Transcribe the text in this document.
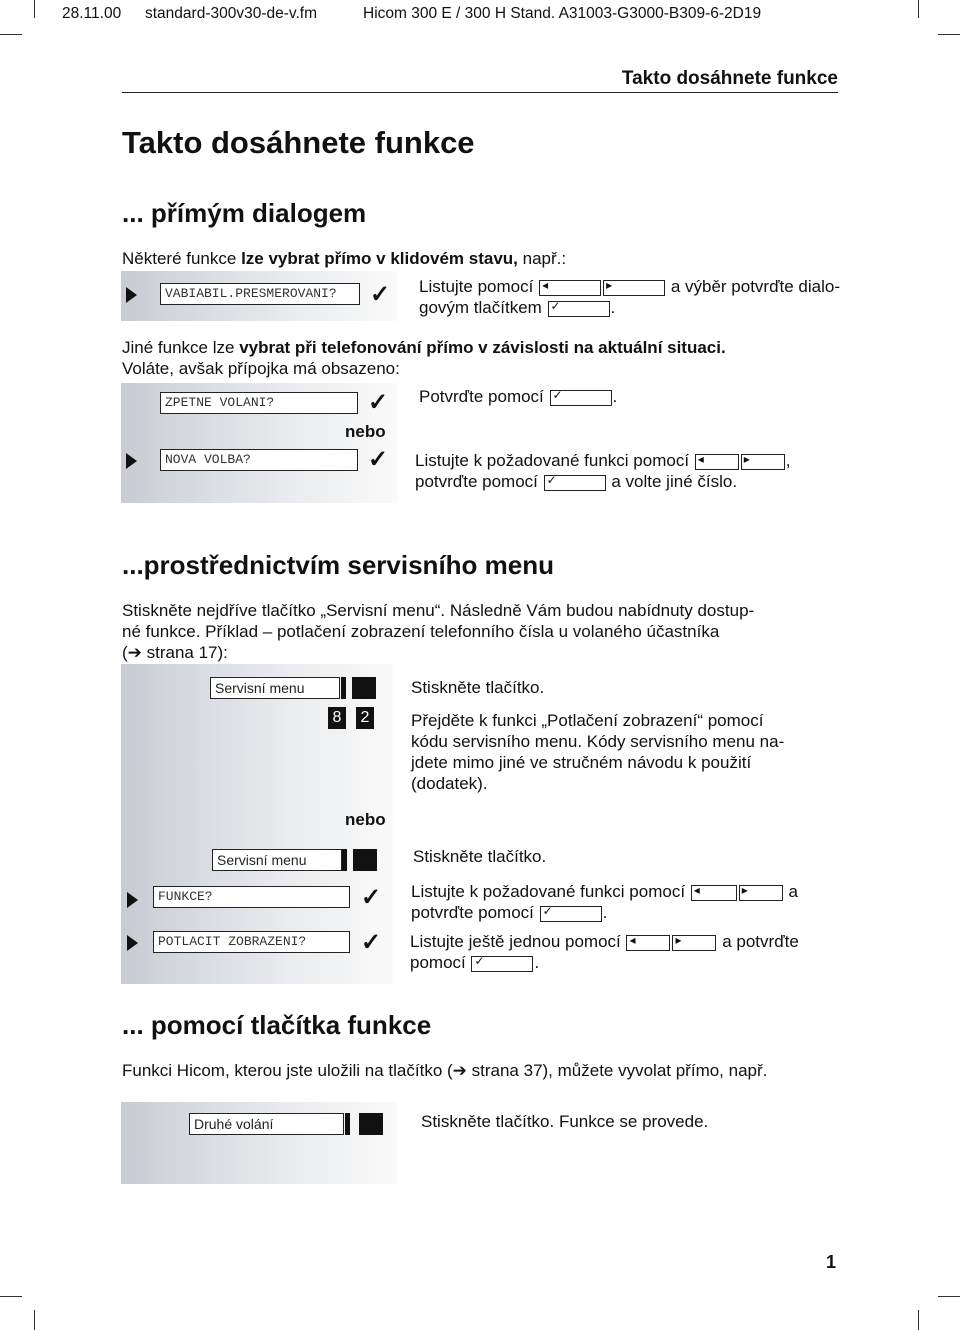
28.11.00 standard-300v30-de-v.fm	Hicom 300 E / 300 H Stand. A31003-G3000-B309-6-2D19
Takto dosáhnete funkce
Takto dosáhnete funkce
... přímým dialogem
Některé funkce lze vybrat přímo v klidovém stavu, např.:
VABIABIL.PRESMEROVANI?	✓ Listujte pomocí ◂	▸	a výběr potvrďte dialo-
govým tlačítkem ✓	.
Jiné funkce lze vybrat při telefonování přímo v závislosti na aktuální situaci.
Voláte, avšak přípojka má obsazeno:
ZPETNE VOLANI?	✓ Potvrďte pomocí ✓	.
nebo
NOVA VOLBA?	✓ Listujte k požadované funkci pomocí ◂	▸ ,
potvrďte pomocí ✓	a volte jiné číslo.
...prostřednictvím servisního menu
Stiskněte nejdříve tlačítko „Servisní menu“. Následně Vám budou nabídnuty dostup-
né funkce. Příklad – potlačení zobrazení telefonního čísla u volaného účastníka
(➔ strana 17):
Servisní menu	Stiskněte tlačítko.
8 2 Přejděte k funkci „Potlačení zobrazení“ pomocí
kódu servisního menu. Kódy servisního menu na-
jdete mimo jiné ve stručném návodu k použití
(dodatek).
nebo
Servisní menu	Stiskněte tlačítko.
FUNKCE?	✓ Listujte k požadované funkci pomocí ◂	▸ a
potvrďte pomocí ✓	.
POTLACIT ZOBRAZENI?	✓ Listujte ještě jednou pomocí ◂	▸ a potvrďte
pomocí ✓	.
... pomocí tlačítka funkce
Funkci Hicom, kterou jste uložili na tlačítko (➔ strana 37), můžete vyvolat přímo, např.
Druhé volání	Stiskněte tlačítko. Funkce se provede.
1
